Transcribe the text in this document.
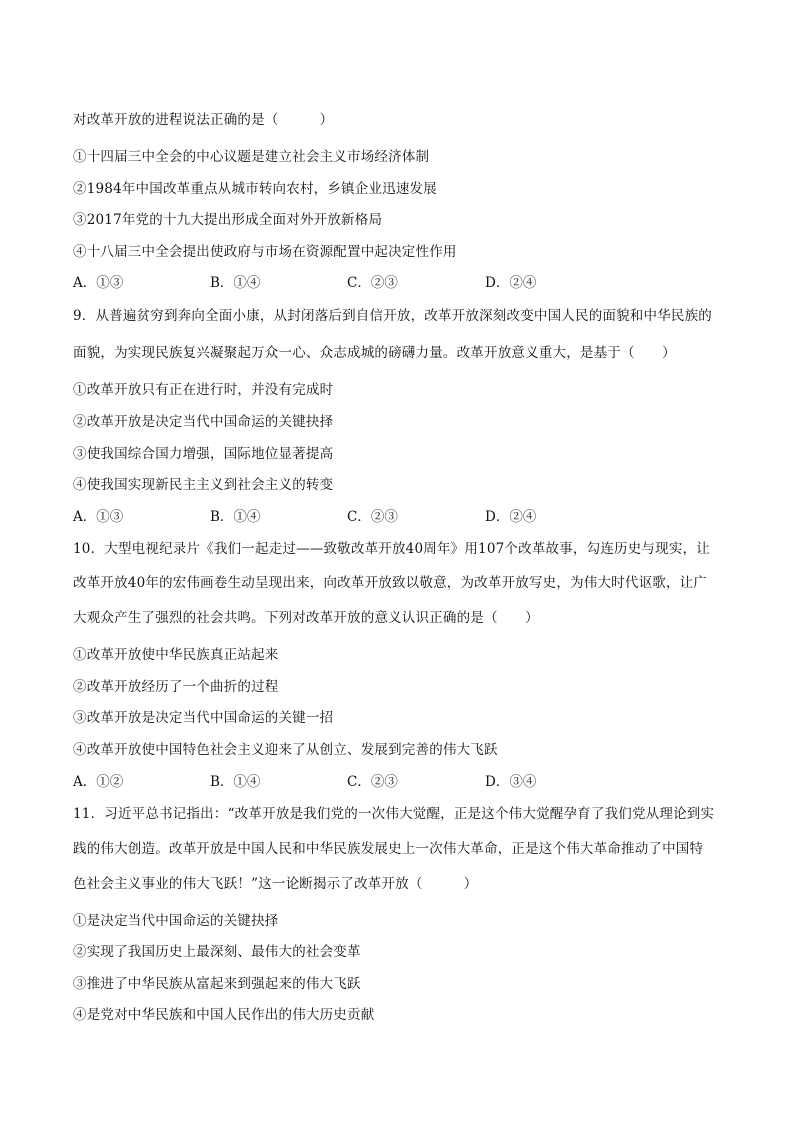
对改革开放的进程说法正确的是（　　　）
①十四届三中全会的中心议题是建立社会主义市场经济体制
②1984年中国改革重点从城市转向农村，乡镇企业迅速发展
③2017年党的十九大提出形成全面对外开放新格局
④十八届三中全会提出使政府与市场在资源配置中起决定性作用
A．①③	B．①④	C．②③	D．②④
9．从普遍贫穷到奔向全面小康，从封闭落后到自信开放，改革开放深刻改变中国人民的面貌和中华民族的
面貌，为实现民族复兴凝聚起万众一心、众志成城的磅礴力量。改革开放意义重大，是基于（　　）
①改革开放只有正在进行时，并没有完成时
②改革开放是决定当代中国命运的关键抉择
③使我国综合国力增强，国际地位显著提高
④使我国实现新民主主义到社会主义的转变
A．①③	B．①④	C．②③	D．②④
10．大型电视纪录片《我们一起走过——致敬改革开放40周年》用107个改革故事，勾连历史与现实，让
改革开放40年的宏伟画卷生动呈现出来，向改革开放致以敬意，为改革开放写史，为伟大时代讴歌，让广
大观众产生了强烈的社会共鸣。下列对改革开放的意义认识正确的是（　　）
①改革开放使中华民族真正站起来
②改革开放经历了一个曲折的过程
③改革开放是决定当代中国命运的关键一招
④改革开放使中国特色社会主义迎来了从创立、发展到完善的伟大飞跃
A．①②	B．①④	C．②③	D．③④
11．习近平总书记指出：“改革开放是我们党的一次伟大觉醒，正是这个伟大觉醒孕育了我们党从理论到实
践的伟大创造。改革开放是中国人民和中华民族发展史上一次伟大革命，正是这个伟大革命推动了中国特
色社会主义事业的伟大飞跃！”这一论断揭示了改革开放（　　　）
①是决定当代中国命运的关键抉择
②实现了我国历史上最深刻、最伟大的社会变革
③推进了中华民族从富起来到强起来的伟大飞跃
④是党对中华民族和中国人民作出的伟大历史贡献
